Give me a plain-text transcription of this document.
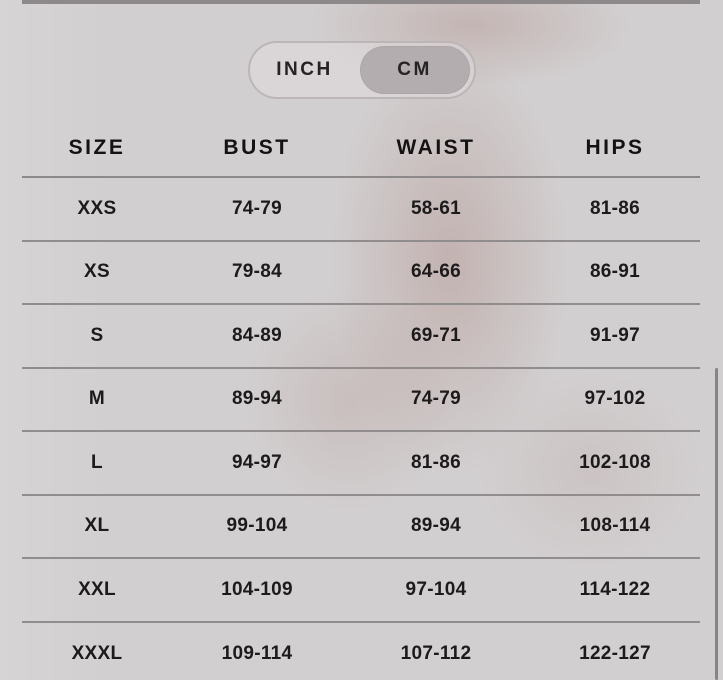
INCH	CM
SIZE	BUST	WAIST	HIPS
XXS	74-79	58-61	81-86
XS	79-84	64-66	86-91
S	84-89	69-71	91-97
M	89-94	74-79	97-102
L	94-97	81-86	102-108
XL	99-104	89-94	108-114
XXL	104-109	97-104	114-122
XXXL	109-114	107-112	122-127
